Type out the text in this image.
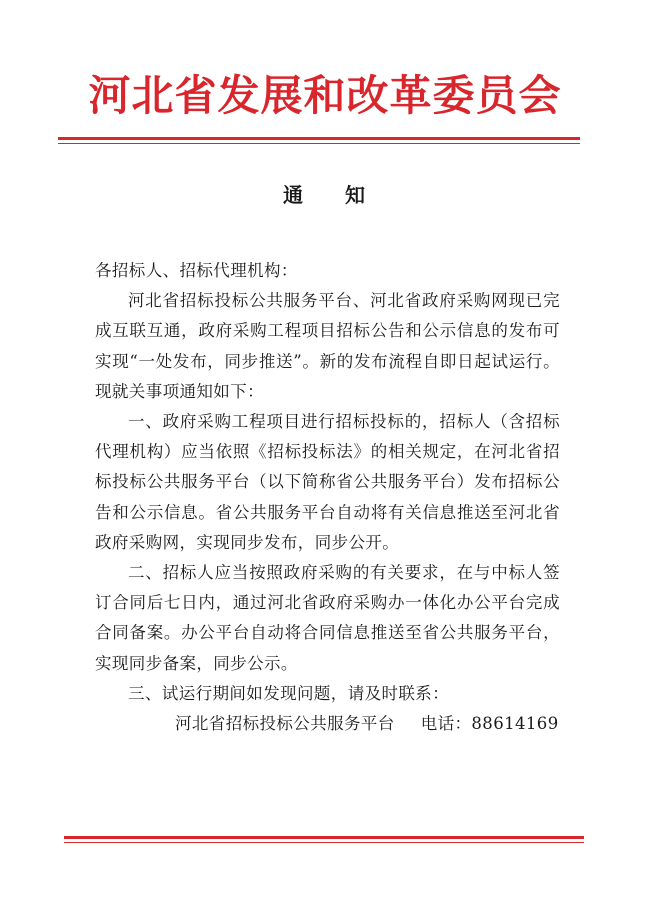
河北省发展和改革委员会
通 知

各招标人、招标代理机构：

河北省招标投标公共服务平台、河北省政府采购网现已完成互联互通，政府采购工程项目招标公告和公示信息的发布可实现“一处发布，同步推送”。新的发布流程自即日起试运行。现就关事项通知如下：

一、政府采购工程项目进行招标投标的，招标人（含招标代理机构）应当依照《招标投标法》的相关规定，在河北省招标投标公共服务平台（以下简称省公共服务平台）发布招标公告和公示信息。省公共服务平台自动将有关信息推送至河北省政府采购网，实现同步发布，同步公开。

二、招标人应当按照政府采购的有关要求，在与中标人签订合同后七日内，通过河北省政府采购办一体化办公平台完成合同备案。办公平台自动将合同信息推送至省公共服务平台，实现同步备案，同步公示。

三、试运行期间如发现问题，请及时联系：

河北省招标投标公共服务平台 电话：88614169
